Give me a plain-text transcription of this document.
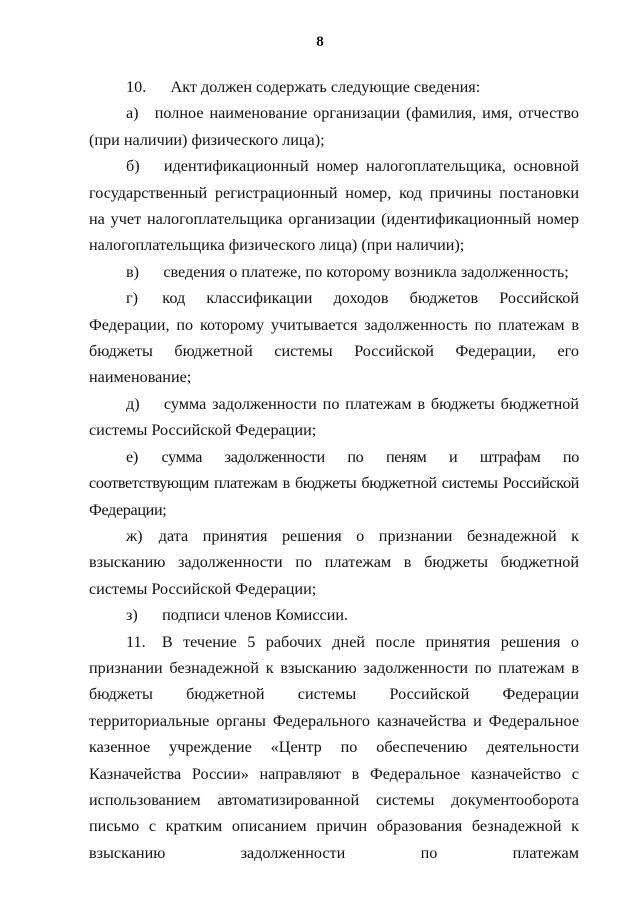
8

10.  Акт должен содержать следующие сведения:

а) полное наименование организации (фамилия, имя, отчество (при наличии) физического лица);

б)  идентификационный номер налогоплательщика, основной государственный регистрационный номер, код причины постановки на учет налогоплательщика организации (идентификационный номер налогоплательщика физического лица) (при наличии);

в)  сведения о платеже, по которому возникла задолженность;

г)  код классификации доходов бюджетов Российской Федерации, по которому учитывается задолженность по платежам в бюджеты бюджетной системы Российской Федерации, его наименование;

д)  сумма задолженности по платежам в бюджеты бюджетной системы Российской Федерации;

е)  сумма задолженности по пеням и штрафам по соответствующим платежам в бюджеты бюджетной системы Российской Федерации;

ж) дата принятия решения о признании безнадежной к взысканию задолженности по платежам в бюджеты бюджетной системы Российской Федерации;

з)  подписи членов Комиссии.

11. В течение 5 рабочих дней после принятия решения о признании безнадежной к взысканию задолженности по платежам в бюджеты бюджетной системы Российской Федерации территориальные органы Федерального казначейства и Федеральное казенное учреждение «Центр по обеспечению деятельности Казначейства России» направляют в Федеральное казначейство с использованием автоматизированной системы документооборота письмо с кратким описанием причин образования безнадежной к взысканию задолженности по платежам
